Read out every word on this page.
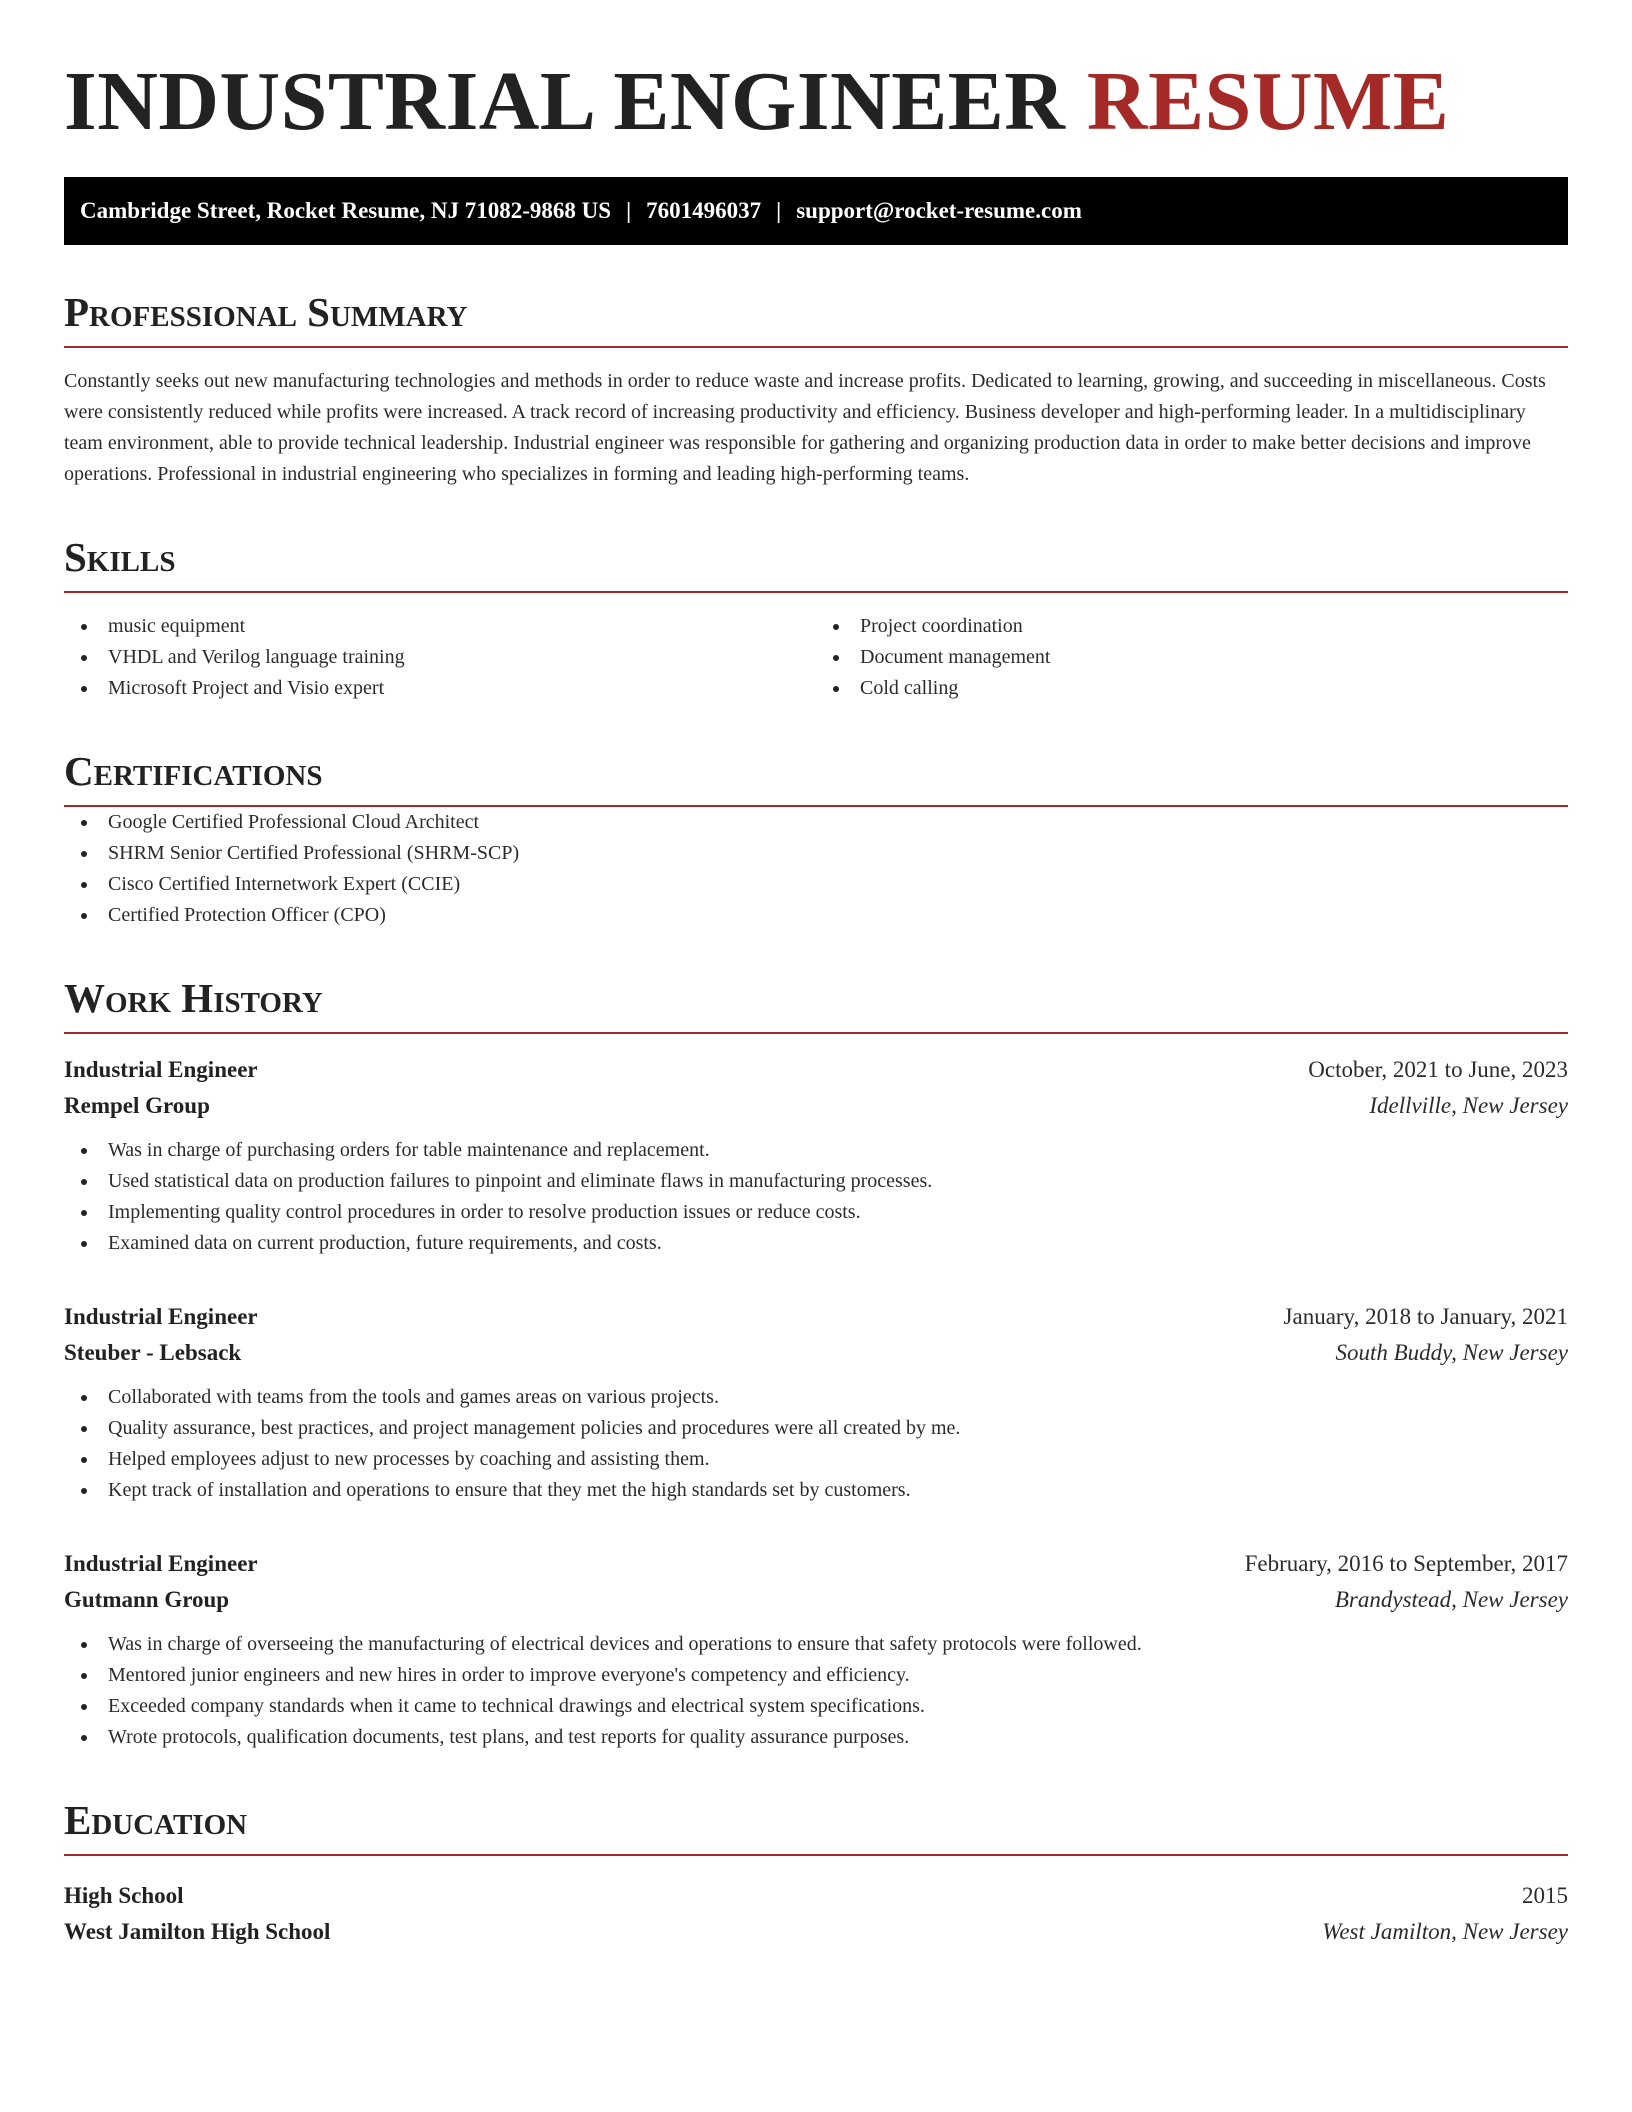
INDUSTRIAL ENGINEER RESUME
Cambridge Street, Rocket Resume, NJ 71082-9868 US | 7601496037 | support@rocket-resume.com
Professional Summary

Constantly seeks out new manufacturing technologies and methods in order to reduce waste and increase profits. Dedicated to learning, growing, and succeeding in miscellaneous. Costs were consistently reduced while profits were increased. A track record of increasing productivity and efficiency. Business developer and high-performing leader. In a multidisciplinary team environment, able to provide technical leadership. Industrial engineer was responsible for gathering and organizing production data in order to make better decisions and improve operations. Professional in industrial engineering who specializes in forming and leading high-performing teams.

Skills
music equipment
VHDL and Verilog language training
Microsoft Project and Visio expert
Project coordination
Document management
Cold calling
Certifications
Google Certified Professional Cloud Architect
SHRM Senior Certified Professional (SHRM-SCP)
Cisco Certified Internetwork Expert (CCIE)
Certified Protection Officer (CPO)
Work History
Industrial Engineer	October, 2021 to June, 2023
Rempel Group	Idellville, New Jersey
Was in charge of purchasing orders for table maintenance and replacement.
Used statistical data on production failures to pinpoint and eliminate flaws in manufacturing processes.
Implementing quality control procedures in order to resolve production issues or reduce costs.
Examined data on current production, future requirements, and costs.
Industrial Engineer	January, 2018 to January, 2021
Steuber - Lebsack	South Buddy, New Jersey
Collaborated with teams from the tools and games areas on various projects.
Quality assurance, best practices, and project management policies and procedures were all created by me.
Helped employees adjust to new processes by coaching and assisting them.
Kept track of installation and operations to ensure that they met the high standards set by customers.
Industrial Engineer	February, 2016 to September, 2017
Gutmann Group	Brandystead, New Jersey
Was in charge of overseeing the manufacturing of electrical devices and operations to ensure that safety protocols were followed.
Mentored junior engineers and new hires in order to improve everyone's competency and efficiency.
Exceeded company standards when it came to technical drawings and electrical system specifications.
Wrote protocols, qualification documents, test plans, and test reports for quality assurance purposes.
Education
High School	2015
West Jamilton High School	West Jamilton, New Jersey
